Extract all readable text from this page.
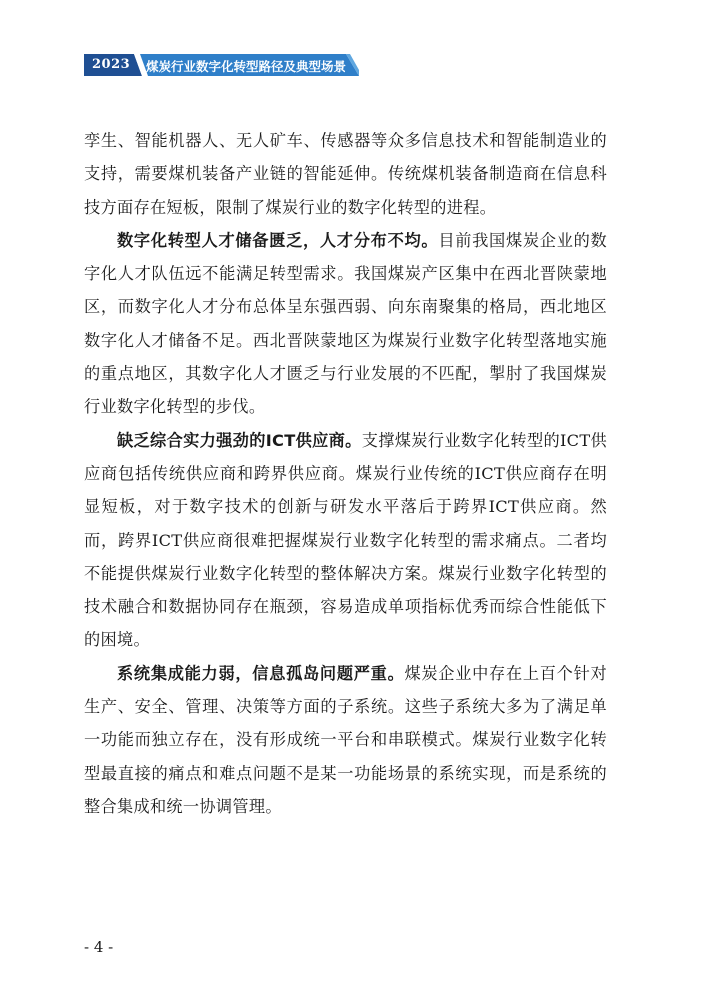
2023 煤炭行业数字化转型路径及典型场景

孪生、智能机器人、无人矿车、传感器等众多信息技术和智能制造业的支持，需要煤机装备产业链的智能延伸。传统煤机装备制造商在信息科技方面存在短板，限制了煤炭行业的数字化转型的进程。

数字化转型人才储备匮乏，人才分布不均。目前我国煤炭企业的数字化人才队伍远不能满足转型需求。我国煤炭产区集中在西北晋陕蒙地区，而数字化人才分布总体呈东强西弱、向东南聚集的格局，西北地区数字化人才储备不足。西北晋陕蒙地区为煤炭行业数字化转型落地实施的重点地区，其数字化人才匮乏与行业发展的不匹配，掣肘了我国煤炭行业数字化转型的步伐。

缺乏综合实力强劲的ICT供应商。支撑煤炭行业数字化转型的ICT供应商包括传统供应商和跨界供应商。煤炭行业传统的ICT供应商存在明显短板，对于数字技术的创新与研发水平落后于跨界ICT供应商。然而，跨界ICT供应商很难把握煤炭行业数字化转型的需求痛点。二者均不能提供煤炭行业数字化转型的整体解决方案。煤炭行业数字化转型的技术融合和数据协同存在瓶颈，容易造成单项指标优秀而综合性能低下的困境。

系统集成能力弱，信息孤岛问题严重。煤炭企业中存在上百个针对生产、安全、管理、决策等方面的子系统。这些子系统大多为了满足单一功能而独立存在，没有形成统一平台和串联模式。煤炭行业数字化转型最直接的痛点和难点问题不是某一功能场景的系统实现，而是系统的整合集成和统一协调管理。

- 4 -
